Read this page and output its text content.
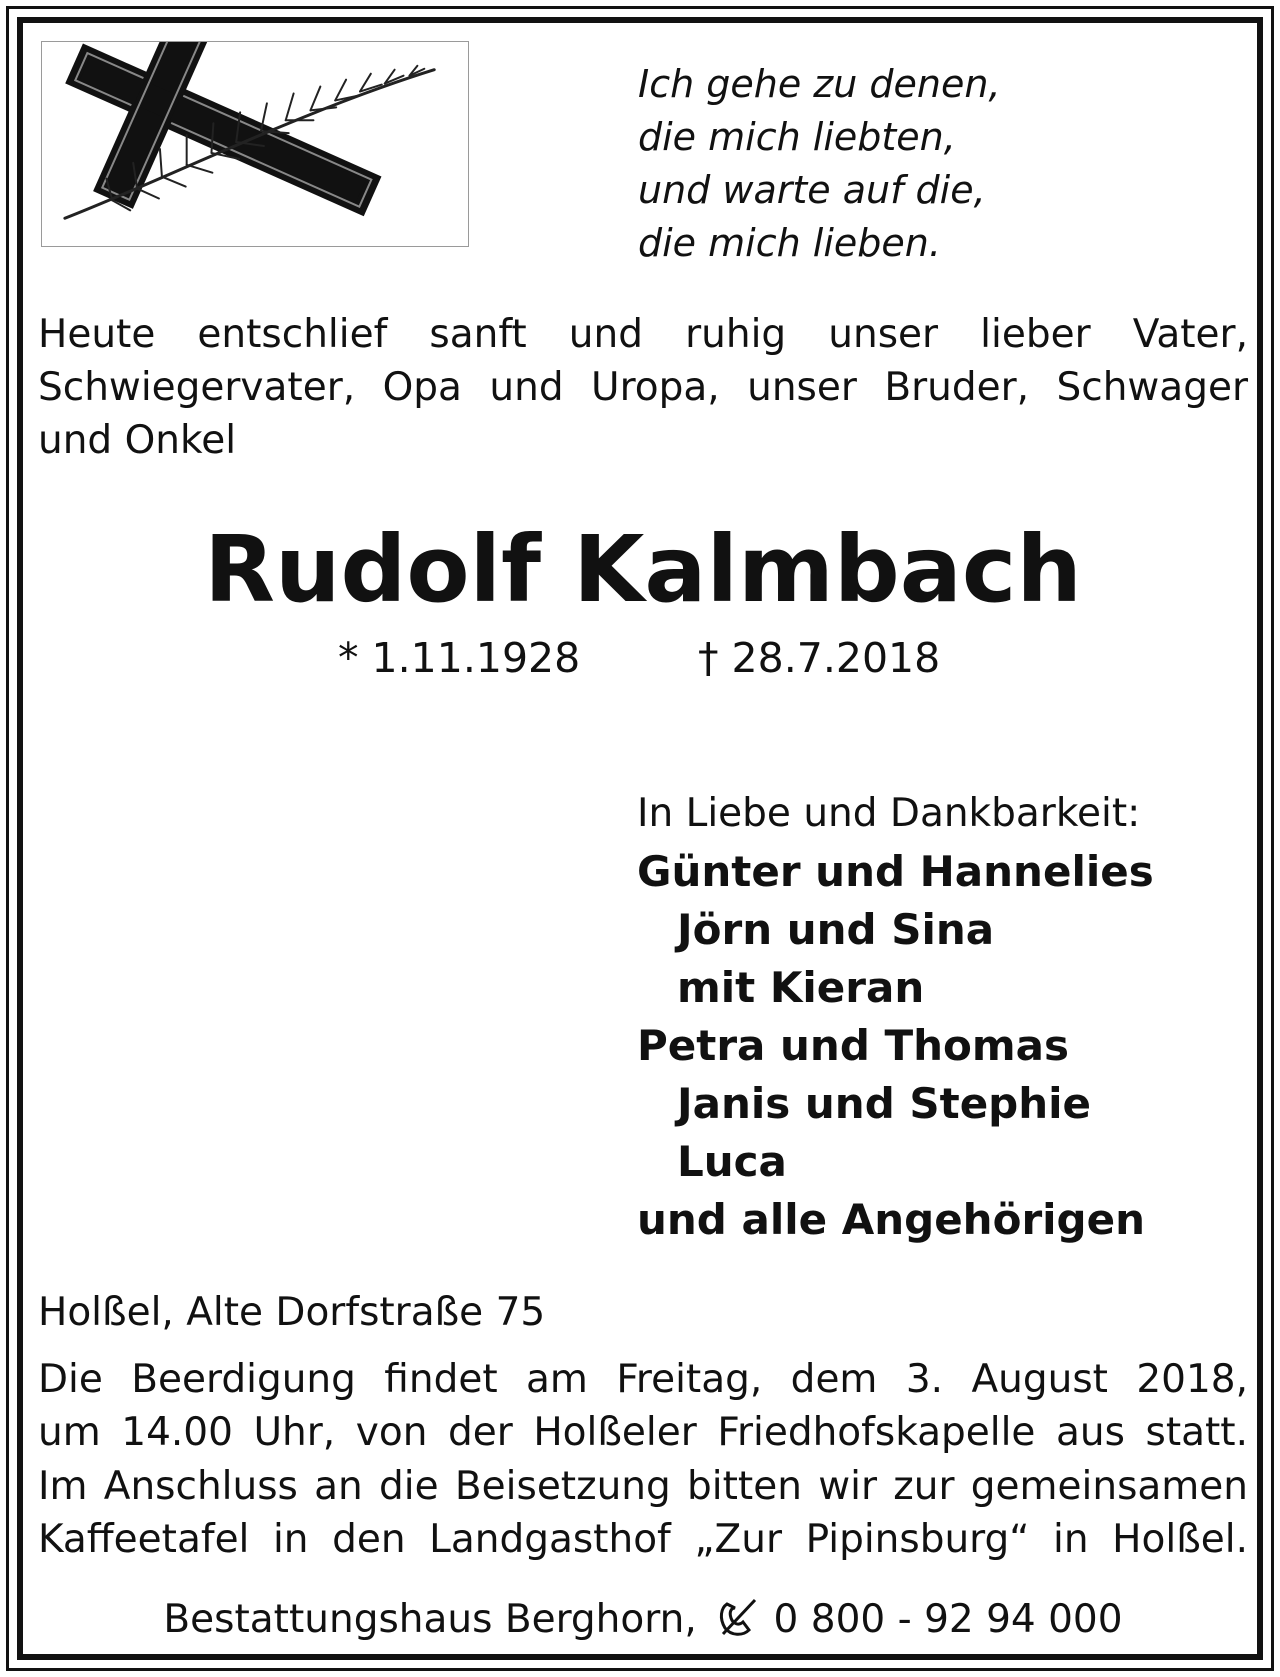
Ich gehe zu denen,
die mich liebten,
und warte auf die,
die mich lieben.
Heute entschlief sanft und ruhig unser lieber Vater,
Schwiegervater, Opa und Uropa, unser Bruder, Schwager
und Onkel
Rudolf Kalmbach
* 1.11.1928	† 28.7.2018
In Liebe und Dankbarkeit:
Günter und Hannelies
Jörn und Sina
mit Kieran
Petra und Thomas
Janis und Stephie
Luca
und alle Angehörigen
Holßel, Alte Dorfstraße 75
Die Beerdigung findet am Freitag, dem 3. August 2018,
um 14.00 Uhr, von der Holßeler Friedhofskapelle aus statt.
Im Anschluss an die Beisetzung bitten wir zur gemeinsamen
Kaffeetafel in den Landgasthof „Zur Pipinsburg“ in Holßel.
Bestattungshaus Berghorn, 0 800 - 92 94 000
